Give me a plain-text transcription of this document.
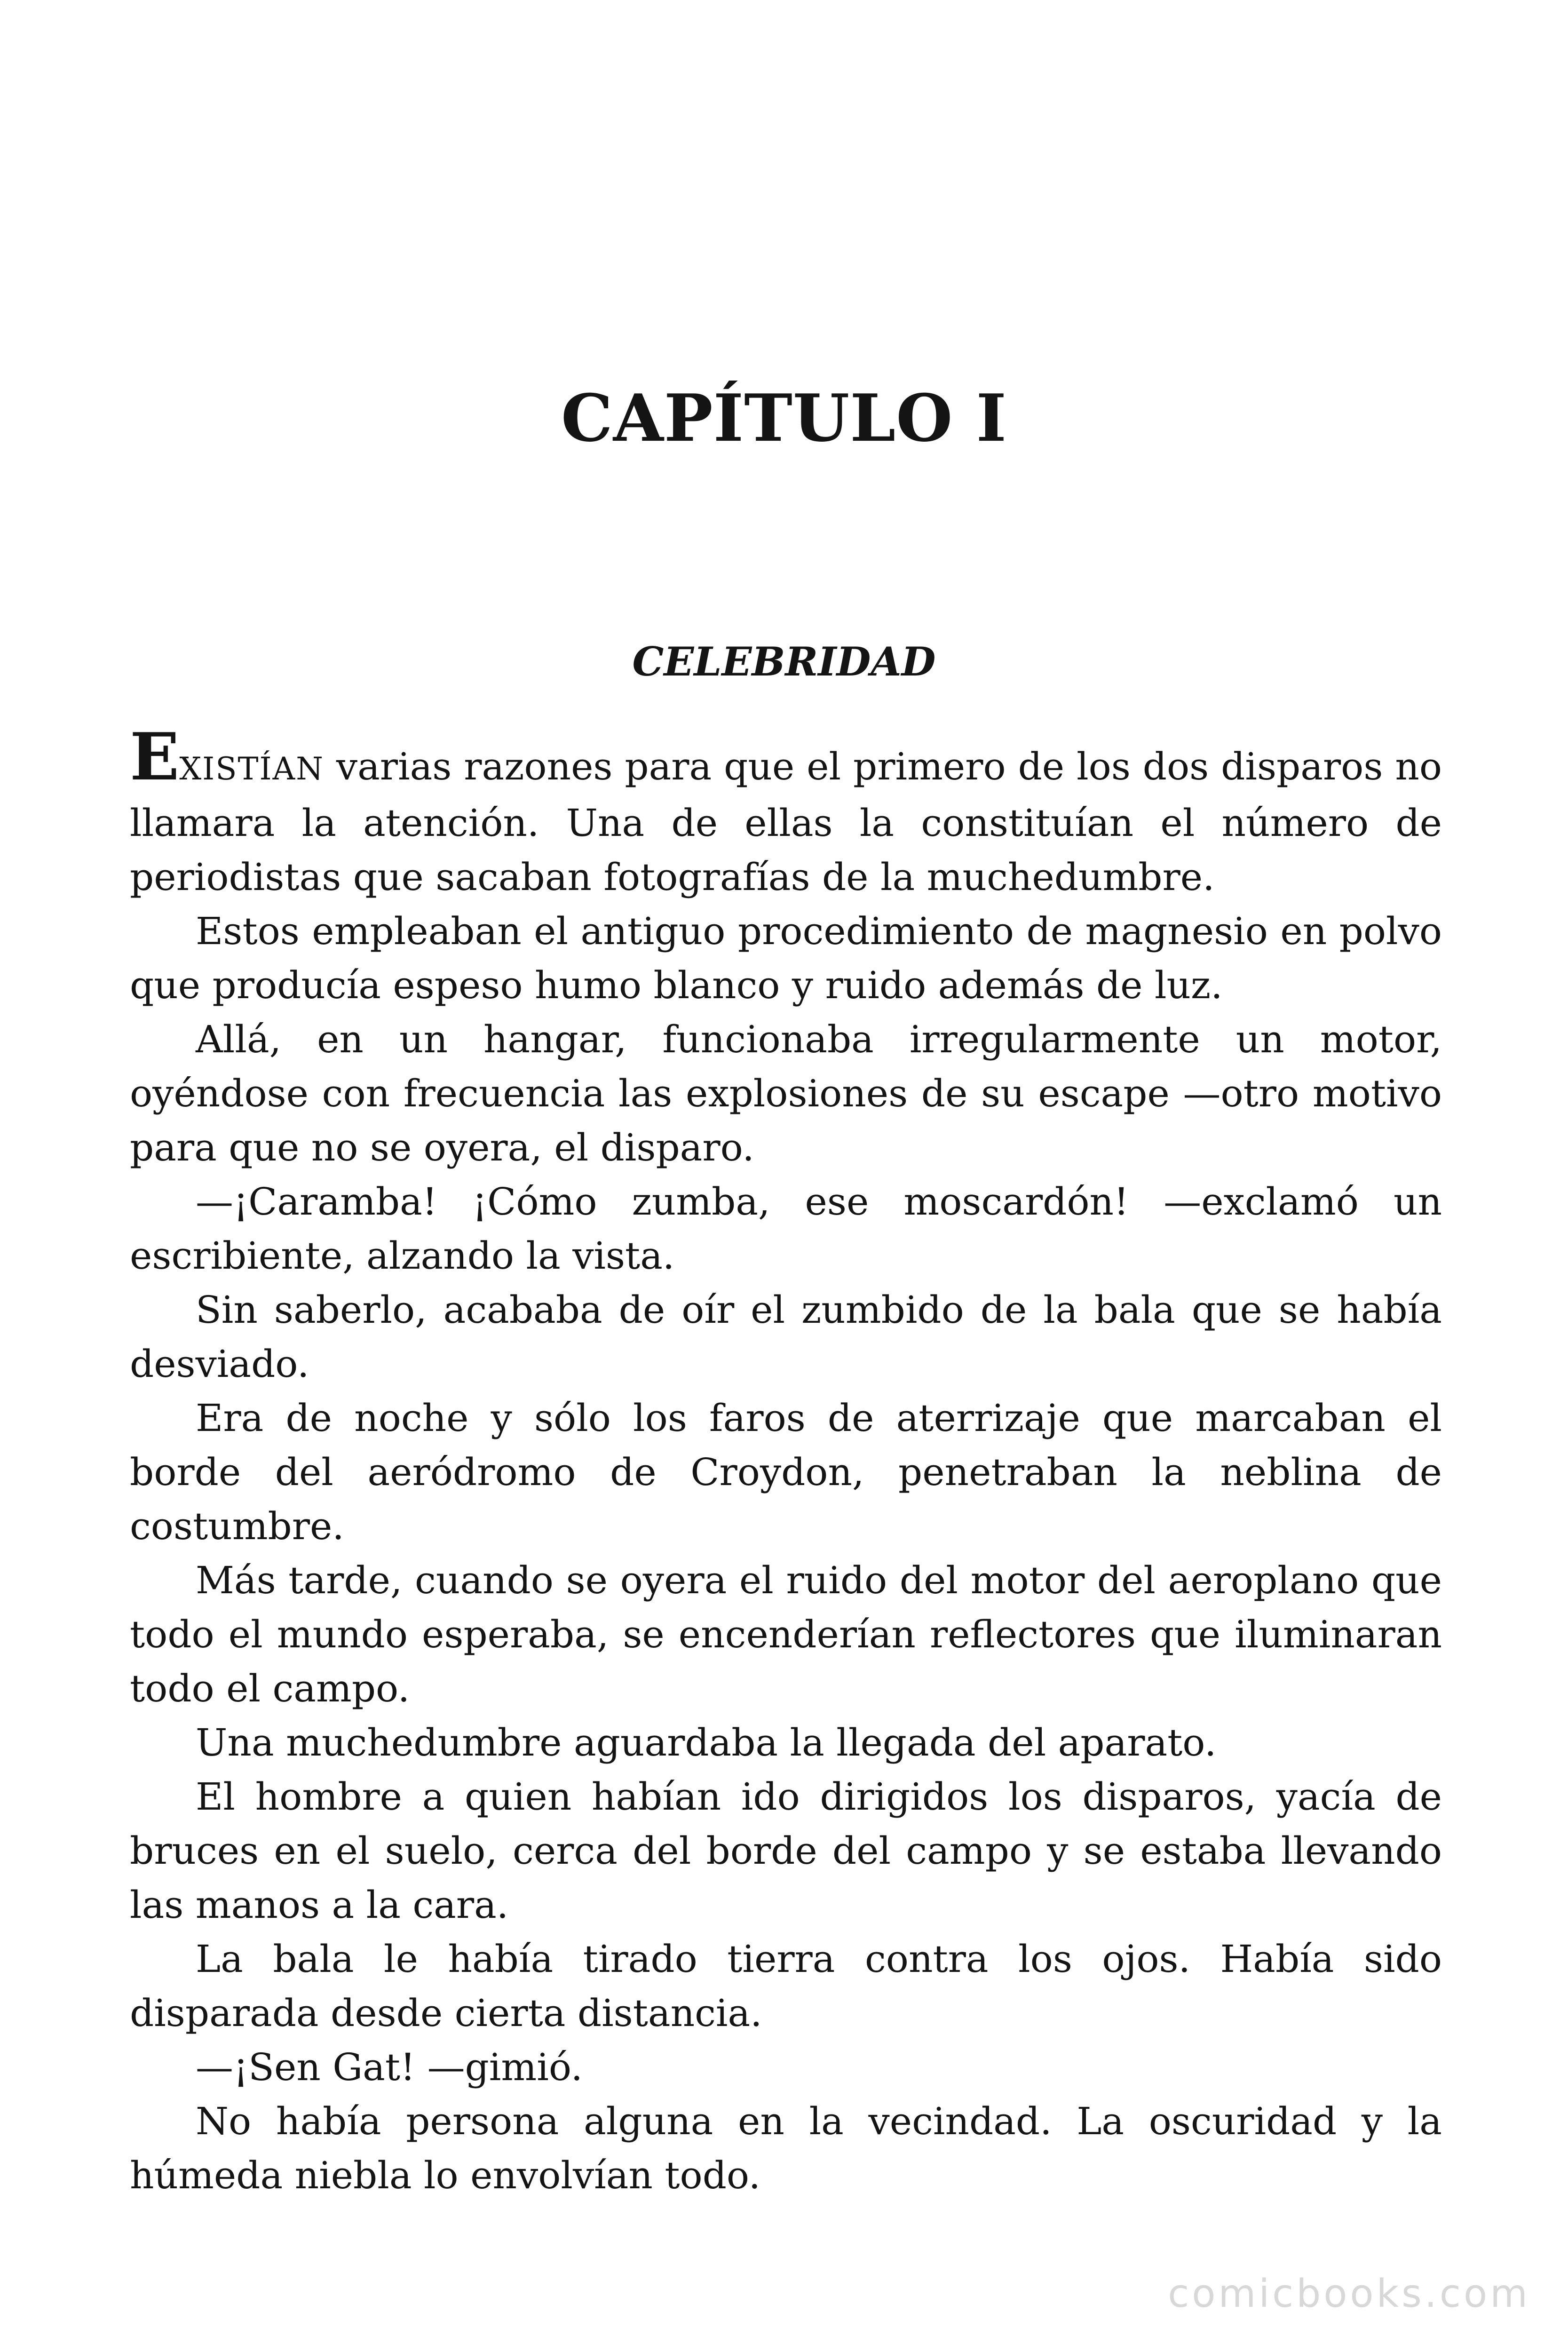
CAPÍTULO I
CELEBRIDAD

EXISTÍAN varias razones para que el primero de los dos disparos no llamara la atención. Una de ellas la constituían el número de periodistas que sacaban fotografías de la muchedumbre.

Estos empleaban el antiguo procedimiento de magnesio en polvo que producía espeso humo blanco y ruido además de luz.

Allá, en un hangar, funcionaba irregularmente un motor, oyéndose con frecuencia las explosiones de su escape —otro motivo para que no se oyera, el disparo.

—¡Caramba! ¡Cómo zumba, ese moscardón! —exclamó un escribiente, alzando la vista.

Sin saberlo, acababa de oír el zumbido de la bala que se había desviado.

Era de noche y sólo los faros de aterrizaje que marcaban el borde del aeródromo de Croydon, penetraban la neblina de costumbre.

Más tarde, cuando se oyera el ruido del motor del aeroplano que todo el mundo esperaba, se encenderían reflectores que iluminaran todo el campo.

Una muchedumbre aguardaba la llegada del aparato.

El hombre a quien habían ido dirigidos los disparos, yacía de bruces en el suelo, cerca del borde del campo y se estaba llevando las manos a la cara.

La bala le había tirado tierra contra los ojos. Había sido disparada desde cierta distancia.

—¡Sen Gat! —gimió.

No había persona alguna en la vecindad. La oscuridad y la húmeda niebla lo envolvían todo.

comicbooks.com
